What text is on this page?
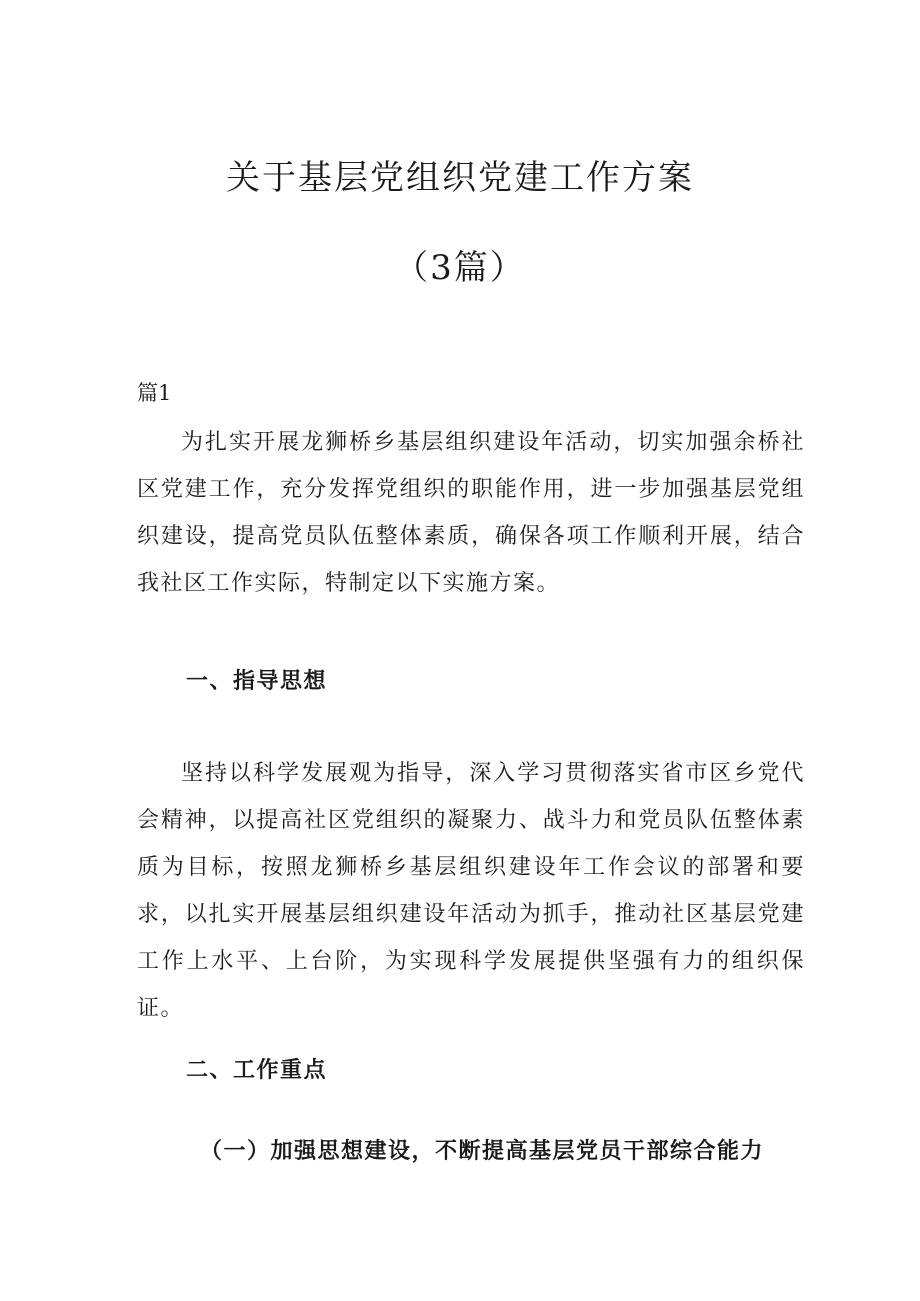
关于基层党组织党建工作方案
（3篇）
篇1

为扎实开展龙狮桥乡基层组织建设年活动，切实加强余桥社区党建工作，充分发挥党组织的职能作用，进一步加强基层党组织建设，提高党员队伍整体素质，确保各项工作顺利开展，结合我社区工作实际，特制定以下实施方案。

一、指导思想

坚持以科学发展观为指导，深入学习贯彻落实省市区乡党代会精神，以提高社区党组织的凝聚力、战斗力和党员队伍整体素质为目标，按照龙狮桥乡基层组织建设年工作会议的部署和要求，以扎实开展基层组织建设年活动为抓手，推动社区基层党建工作上水平、上台阶，为实现科学发展提供坚强有力的组织保证。

二、工作重点
（一）加强思想建设，不断提高基层党员干部综合能力
